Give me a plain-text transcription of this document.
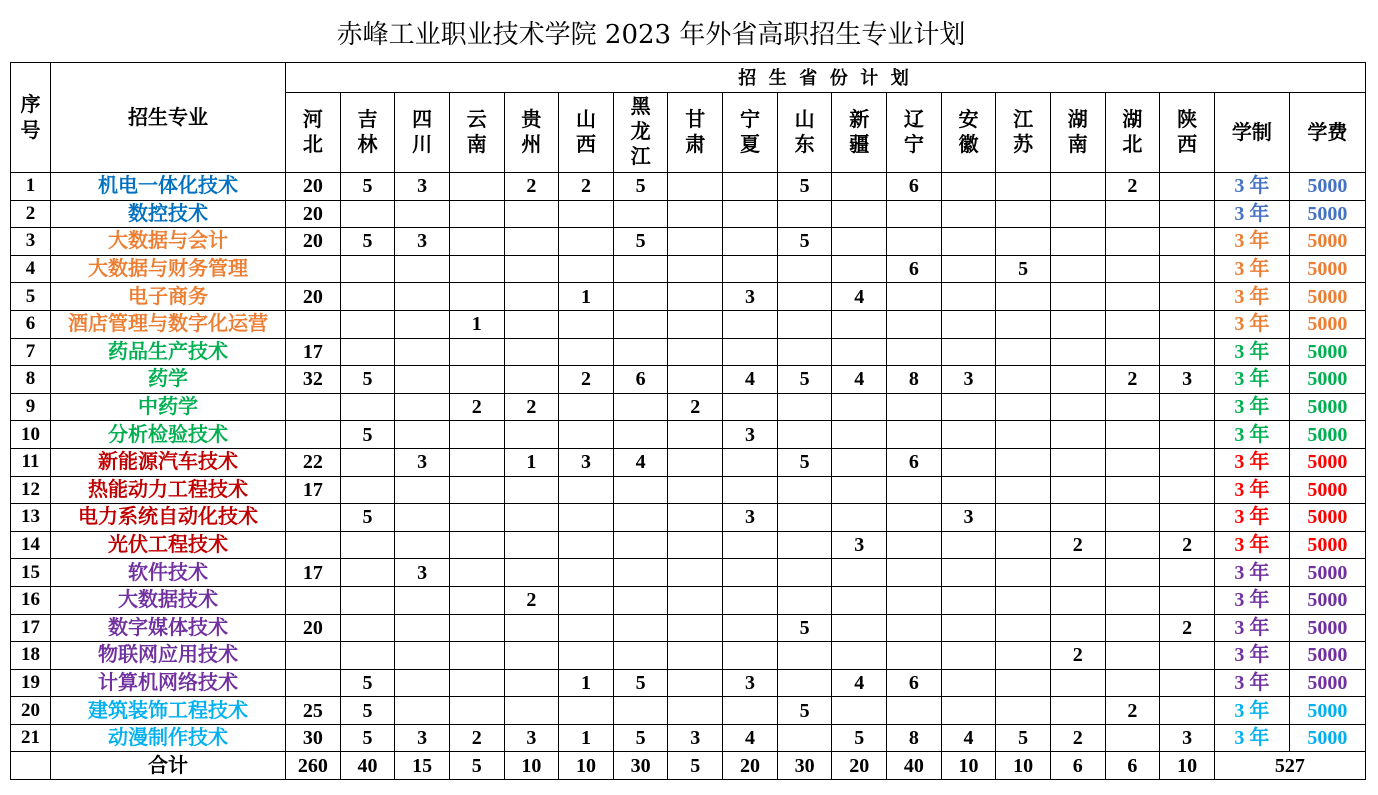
赤峰工业职业技术学院 2023 年外省高职招生专业计划
序号	招生专业	招 生 省 份 计 划																		
		河北	吉林	四川	云南	贵州	山西	黑龙江	甘肃	宁夏	山东	新疆	辽宁	安徽	江苏	湖南	湖北	陕西	学制	学费
1	机电一体化技术	20	5	3		2	2	5			5		6				2		3 年	5000
2	数控技术	20																	3 年	5000
3	大数据与会计	20	5	3				5			5								3 年	5000
4	大数据与财务管理												6		5				3 年	5000
5	电子商务	20					1			3		4							3 年	5000
6	酒店管理与数字化运营				1														3 年	5000
7	药品生产技术	17																	3 年	5000
8	药学	32	5				2	6		4	5	4	8	3			2	3	3 年	5000
9	中药学				2	2			2										3 年	5000
10	分析检验技术		5							3									3 年	5000
11	新能源汽车技术	22		3		1	3	4			5		6						3 年	5000
12	热能动力工程技术	17																	3 年	5000
13	电力系统自动化技术		5							3				3					3 年	5000
14	光伏工程技术											3				2		2	3 年	5000
15	软件技术	17		3															3 年	5000
16	大数据技术					2													3 年	5000
17	数字媒体技术	20									5							2	3 年	5000
18	物联网应用技术															2			3 年	5000
19	计算机网络技术		5				1	5		3		4	6						3 年	5000
20	建筑装饰工程技术	25	5								5						2		3 年	5000
21	动漫制作技术	30	5	3	2	3	1	5	3	4		5	8	4	5	2		3	3 年	5000
	合计	260	40	15	5	10	10	30	5	20	30	20	40	10	10	6	6	10	527	
